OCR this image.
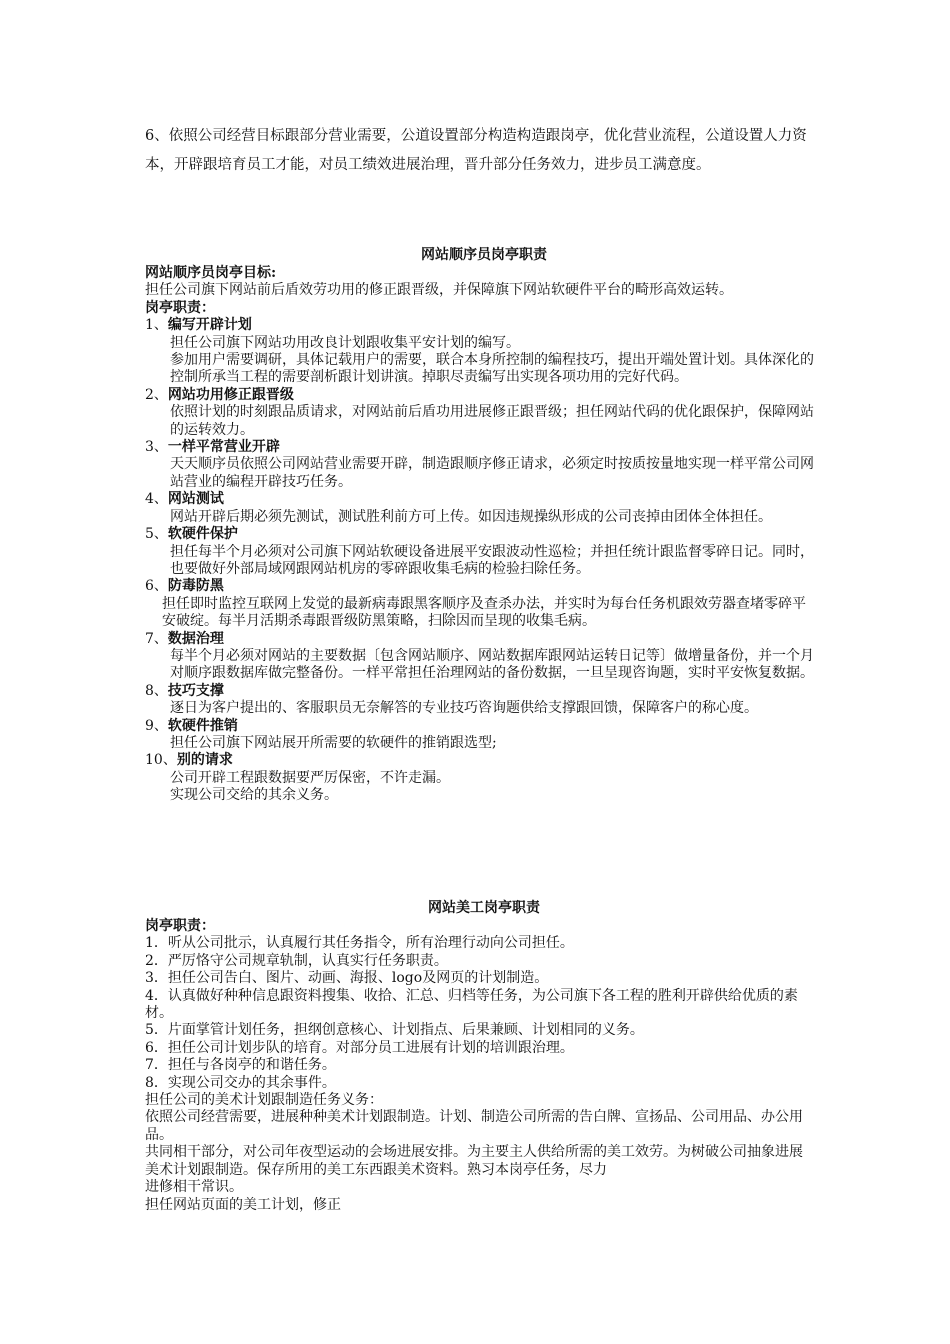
6、依照公司经营目标跟部分营业需要，公道设置部分构造构造跟岗亭，优化营业流程，公道设置人力资本，开辟跟培育员工才能，对员工绩效进展治理，晋升部分任务效力，进步员工满意度。

网站顺序员岗亭职责
网站顺序员岗亭目标:
担任公司旗下网站前后盾效劳功用的修正跟晋级，并保障旗下网站软硬件平台的畸形高效运转。
岗亭职责：
1、编写开辟计划
担任公司旗下网站功用改良计划跟收集平安计划的编写。
参加用户需要调研，具体记载用户的需要，联合本身所控制的编程技巧，提出开端处置计划。具体深化的控制所承当工程的需要剖析跟计划讲演。掉职尽责编写出实现各项功用的完好代码。
2、网站功用修正跟晋级
依照计划的时刻跟品质请求，对网站前后盾功用进展修正跟晋级；担任网站代码的优化跟保护，保障网站的运转效力。
3、一样平常营业开辟
天天顺序员依照公司网站营业需要开辟，制造跟顺序修正请求，必须定时按质按量地实现一样平常公司网站营业的编程开辟技巧任务。
4、网站测试
网站开辟后期必须先测试，测试胜利前方可上传。如因违规操纵形成的公司丧掉由团体全体担任。
5、软硬件保护
担任每半个月必须对公司旗下网站软硬设备进展平安跟波动性巡检；并担任统计跟监督零碎日记。同时，也要做好外部局域网跟网站机房的零碎跟收集毛病的检验扫除任务。
6、防毒防黑
担任即时监控互联网上发觉的最新病毒跟黑客顺序及查杀办法，并实时为每台任务机跟效劳器查堵零碎平安破绽。每半月活期杀毒跟晋级防黑策略，扫除因而呈现的收集毛病。
7、数据治理
每半个月必须对网站的主要数据〔包含网站顺序、网站数据库跟网站运转日记等〕做增量备份，并一个月对顺序跟数据库做完整备份。一样平常担任治理网站的备份数据，一旦呈现咨询题，实时平安恢复数据。
8、技巧支撑
逐日为客户提出的、客服职员无奈解答的专业技巧咨询题供给支撑跟回馈，保障客户的称心度。
9、软硬件推销
担任公司旗下网站展开所需要的软硬件的推销跟选型;
10、别的请求
公司开辟工程跟数据要严厉保密，不许走漏。
实现公司交给的其余义务。
网站美工岗亭职责
岗亭职责：
1．听从公司批示，认真履行其任务指令，所有治理行动向公司担任。
2．严厉恪守公司规章轨制，认真实行任务职责。
3．担任公司告白、图片、动画、海报、logo及网页的计划制造。
4．认真做好种种信息跟资料搜集、收拾、汇总、归档等任务，为公司旗下各工程的胜利开辟供给优质的素材。
5．片面掌管计划任务，担纲创意核心、计划指点、后果兼顾、计划相同的义务。
6．担任公司计划步队的培育。对部分员工进展有计划的培训跟治理。
7．担任与各岗亭的和谐任务。
8．实现公司交办的其余事件。
担任公司的美术计划跟制造任务义务：
依照公司经营需要，进展种种美术计划跟制造。计划、制造公司所需的告白牌、宣扬品、公司用品、办公用品。
共同相干部分，对公司年夜型运动的会场进展安排。为主要主人供给所需的美工效劳。为树破公司抽象进展美术计划跟制造。保存所用的美工东西跟美术资料。熟习本岗亭任务，尽力
进修相干常识。
担任网站页面的美工计划，修正
